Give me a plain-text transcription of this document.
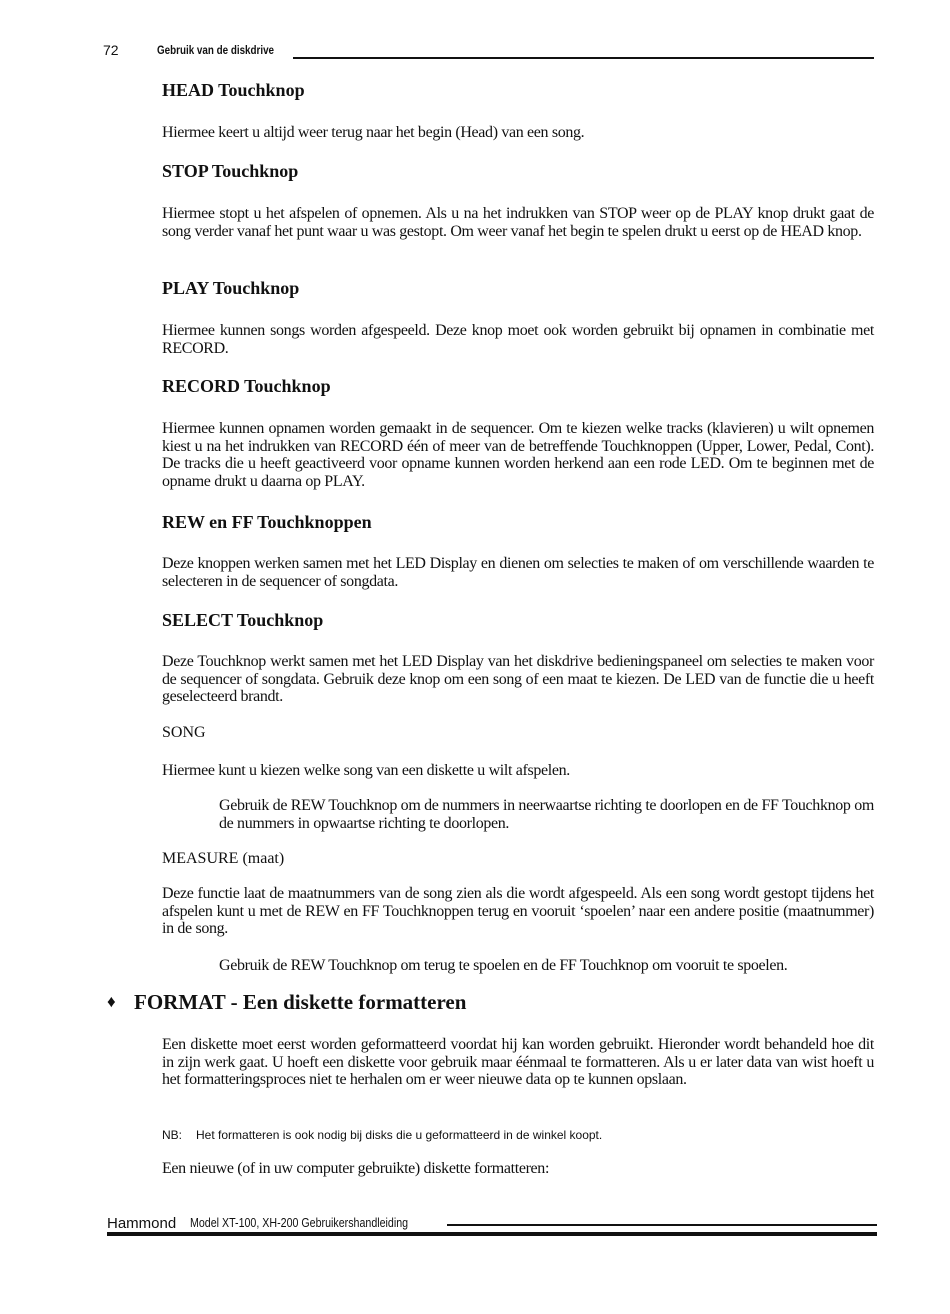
72	Gebruik van de diskdrive
HEAD Touchknop
Hiermee keert u altijd weer terug naar het begin (Head) van een song.
STOP Touchknop
Hiermee stopt u het afspelen of opnemen. Als u na het indrukken van STOP weer op de PLAY knop drukt gaat de song verder vanaf het punt waar u was gestopt. Om weer vanaf het begin te spelen drukt u eerst op de HEAD knop.
PLAY Touchknop
Hiermee kunnen songs worden afgespeeld. Deze knop moet ook worden gebruikt bij opnamen in combinatie met RECORD.
RECORD Touchknop
Hiermee kunnen opnamen worden gemaakt in de sequencer. Om te kiezen welke tracks (klavieren) u wilt opnemen kiest u na het indrukken van RECORD één of meer van de betreffende Touchknoppen (Upper, Lower, Pedal, Cont). De tracks die u heeft geactiveerd voor opname kunnen worden herkend aan een rode LED. Om te beginnen met de opname drukt u daarna op PLAY.
REW en FF Touchknoppen
Deze knoppen werken samen met het LED Display en dienen om selecties te maken of om verschillende waarden te selecteren in de sequencer of songdata.
SELECT Touchknop
Deze Touchknop werkt samen met het LED Display van het diskdrive bedieningspaneel om selecties te maken voor de sequencer of songdata. Gebruik deze knop om een song of een maat te kiezen. De LED van de functie die u heeft geselecteerd brandt.
SONG
Hiermee kunt u kiezen welke song van een diskette u wilt afspelen.
Gebruik de REW Touchknop om de nummers in neerwaartse richting te doorlopen en de FF Touchknop om de nummers in opwaartse richting te doorlopen.
MEASURE (maat)
Deze functie laat de maatnummers van de song zien als die wordt afgespeeld. Als een song wordt gestopt tijdens het afspelen kunt u met de REW en FF Touchknoppen terug en vooruit ‘spoelen’ naar een andere positie (maatnummer) in de song.
Gebruik de REW Touchknop om terug te spoelen en de FF Touchknop om vooruit te spoelen.
♦ FORMAT - Een diskette formatteren
Een diskette moet eerst worden geformatteerd voordat hij kan worden gebruikt. Hieronder wordt behandeld hoe dit in zijn werk gaat. U hoeft een diskette voor gebruik maar éénmaal te formatteren. Als u er later data van wist hoeft u het formatteringsproces niet te herhalen om er weer nieuwe data op te kunnen opslaan.
NB: Het formatteren is ook nodig bij disks die u geformatteerd in de winkel koopt.
Een nieuwe (of in uw computer gebruikte) diskette formatteren:
Hammond Model XT-100, XH-200 Gebruikershandleiding
